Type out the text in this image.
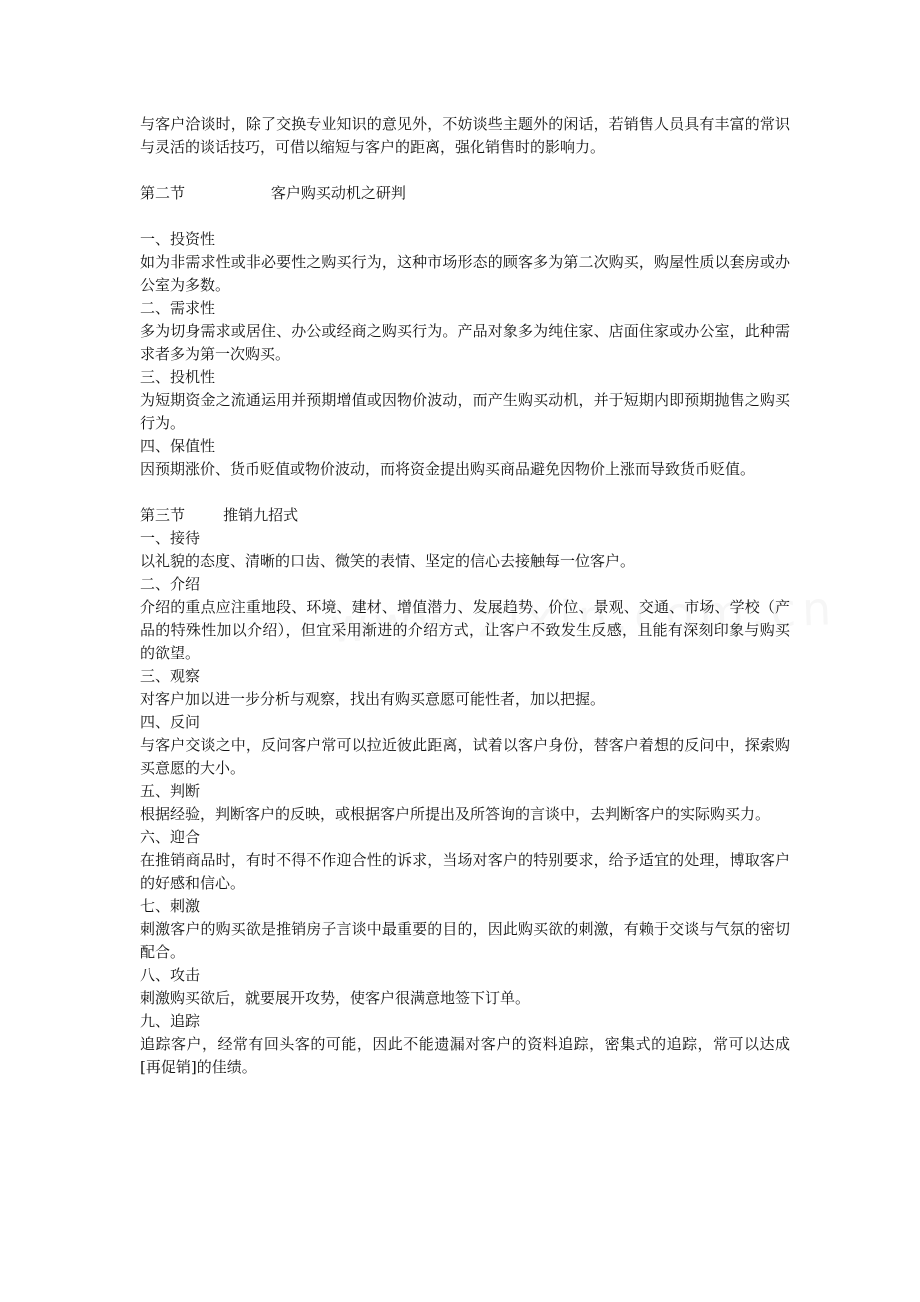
与客户洽谈时，除了交换专业知识的意见外，不妨谈些主题外的闲话，若销售人员具有丰富的常识与灵活的谈话技巧，可借以缩短与客户的距离，强化销售时的影响力。

第二节                  客户购买动机之研判

一、投资性

如为非需求性或非必要性之购买行为，这种市场形态的顾客多为第二次购买，购屋性质以套房或办公室为多数。

二、需求性

多为切身需求或居住、办公或经商之购买行为。产品对象多为纯住家、店面住家或办公室，此种需求者多为第一次购买。

三、投机性

为短期资金之流通运用并预期增值或因物价波动，而产生购买动机，并于短期内即预期抛售之购买行为。

四、保值性

因预期涨价、货币贬值或物价波动，而将资金提出购买商品避免因物价上涨而导致货币贬值。

第三节        推销九招式

一、接待

以礼貌的态度、清晰的口齿、微笑的表情、坚定的信心去接触每一位客户。

二、介绍

介绍的重点应注重地段、环境、建材、增值潜力、发展趋势、价位、景观、交通、市场、学校（产品的特殊性加以介绍），但宜采用渐进的介绍方式，让客户不致发生反感，且能有深刻印象与购买的欲望。

三、观察

对客户加以进一步分析与观察，找出有购买意愿可能性者，加以把握。

四、反问

与客户交谈之中，反问客户常可以拉近彼此距离，试着以客户身份，替客户着想的反问中，探索购买意愿的大小。

五、判断

根据经验，判断客户的反映，或根据客户所提出及所答询的言谈中，去判断客户的实际购买力。

六、迎合

在推销商品时，有时不得不作迎合性的诉求，当场对客户的特别要求，给予适宜的处理，博取客户的好感和信心。

七、刺激

刺激客户的购买欲是推销房子言谈中最重要的目的，因此购买欲的刺激，有赖于交谈与气氛的密切配合。

八、攻击

刺激购买欲后，就要展开攻势，使客户很满意地签下订单。

九、追踪

追踪客户，经常有回头客的可能，因此不能遗漏对客户的资料追踪，密集式的追踪，常可以达成[再促销]的佳绩。
